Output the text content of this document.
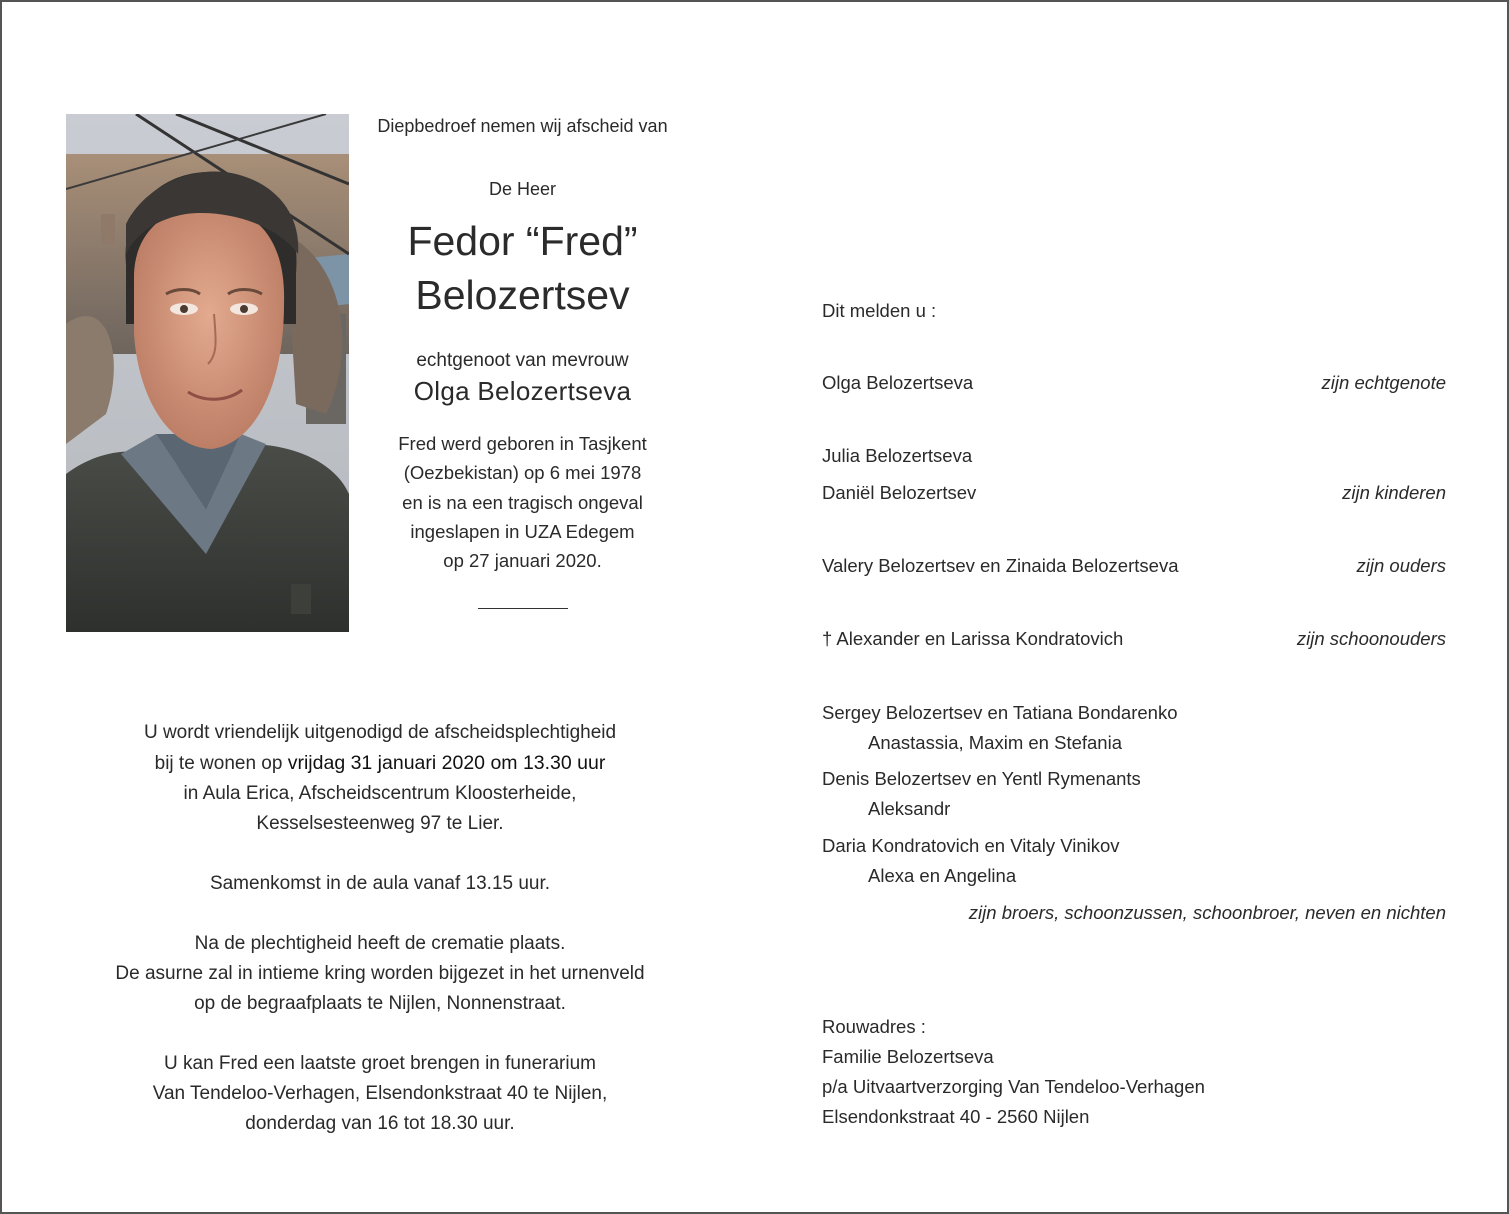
Diepbedroef nemen wij afscheid van
De Heer
Fedor “Fred”
Belozertsev
echtgenoot van mevrouw
Olga Belozertseva
Fred werd geboren in Tasjkent
(Oezbekistan) op 6 mei 1978
en is na een tragisch ongeval
ingeslapen in UZA Edegem
op 27 januari 2020.

U wordt vriendelijk uitgenodigd de afscheidsplechtigheid
bij te wonen op vrijdag 31 januari 2020 om 13.30 uur
in Aula Erica, Afscheidscentrum Kloosterheide,
Kesselsesteenweg 97 te Lier.

Samenkomst in de aula vanaf 13.15 uur.

Na de plechtigheid heeft de crematie plaats.
De asurne zal in intieme kring worden bijgezet in het urnenveld
op de begraafplaats te Nijlen, Nonnenstraat.

U kan Fred een laatste groet brengen in funerarium
Van Tendeloo-Verhagen, Elsendonkstraat 40 te Nijlen,
donderdag van 16 tot 18.30 uur.

Dit melden u :
Olga Belozertseva	zijn echtgenote
Julia Belozertseva
Daniël Belozertsev	zijn kinderen
Valery Belozertsev en Zinaida Belozertseva	zijn ouders
† Alexander en Larissa Kondratovich	zijn schoonouders
Sergey Belozertsev en Tatiana Bondarenko
Anastassia, Maxim en Stefania
Denis Belozertsev en Yentl Rymenants
Aleksandr
Daria Kondratovich en Vitaly Vinikov
Alexa en Angelina
zijn broers, schoonzussen, schoonbroer, neven en nichten
Rouwadres :
Familie Belozertseva
p/a Uitvaartverzorging Van Tendeloo-Verhagen
Elsendonkstraat 40 - 2560 Nijlen
